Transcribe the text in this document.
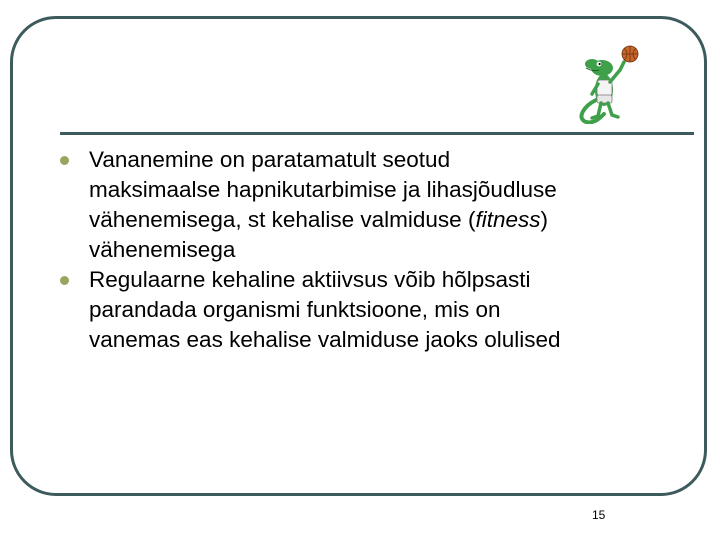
Vananemine on paratamatult seotud
maksimaalse hapnikutarbimise ja lihasjõudluse
vähenemisega, st kehalise valmiduse (fitness)
vähenemisega
Regulaarne kehaline aktiivsus võib hõlpsasti
parandada organismi funktsioone, mis on
vanemas eas kehalise valmiduse jaoks olulised
15
